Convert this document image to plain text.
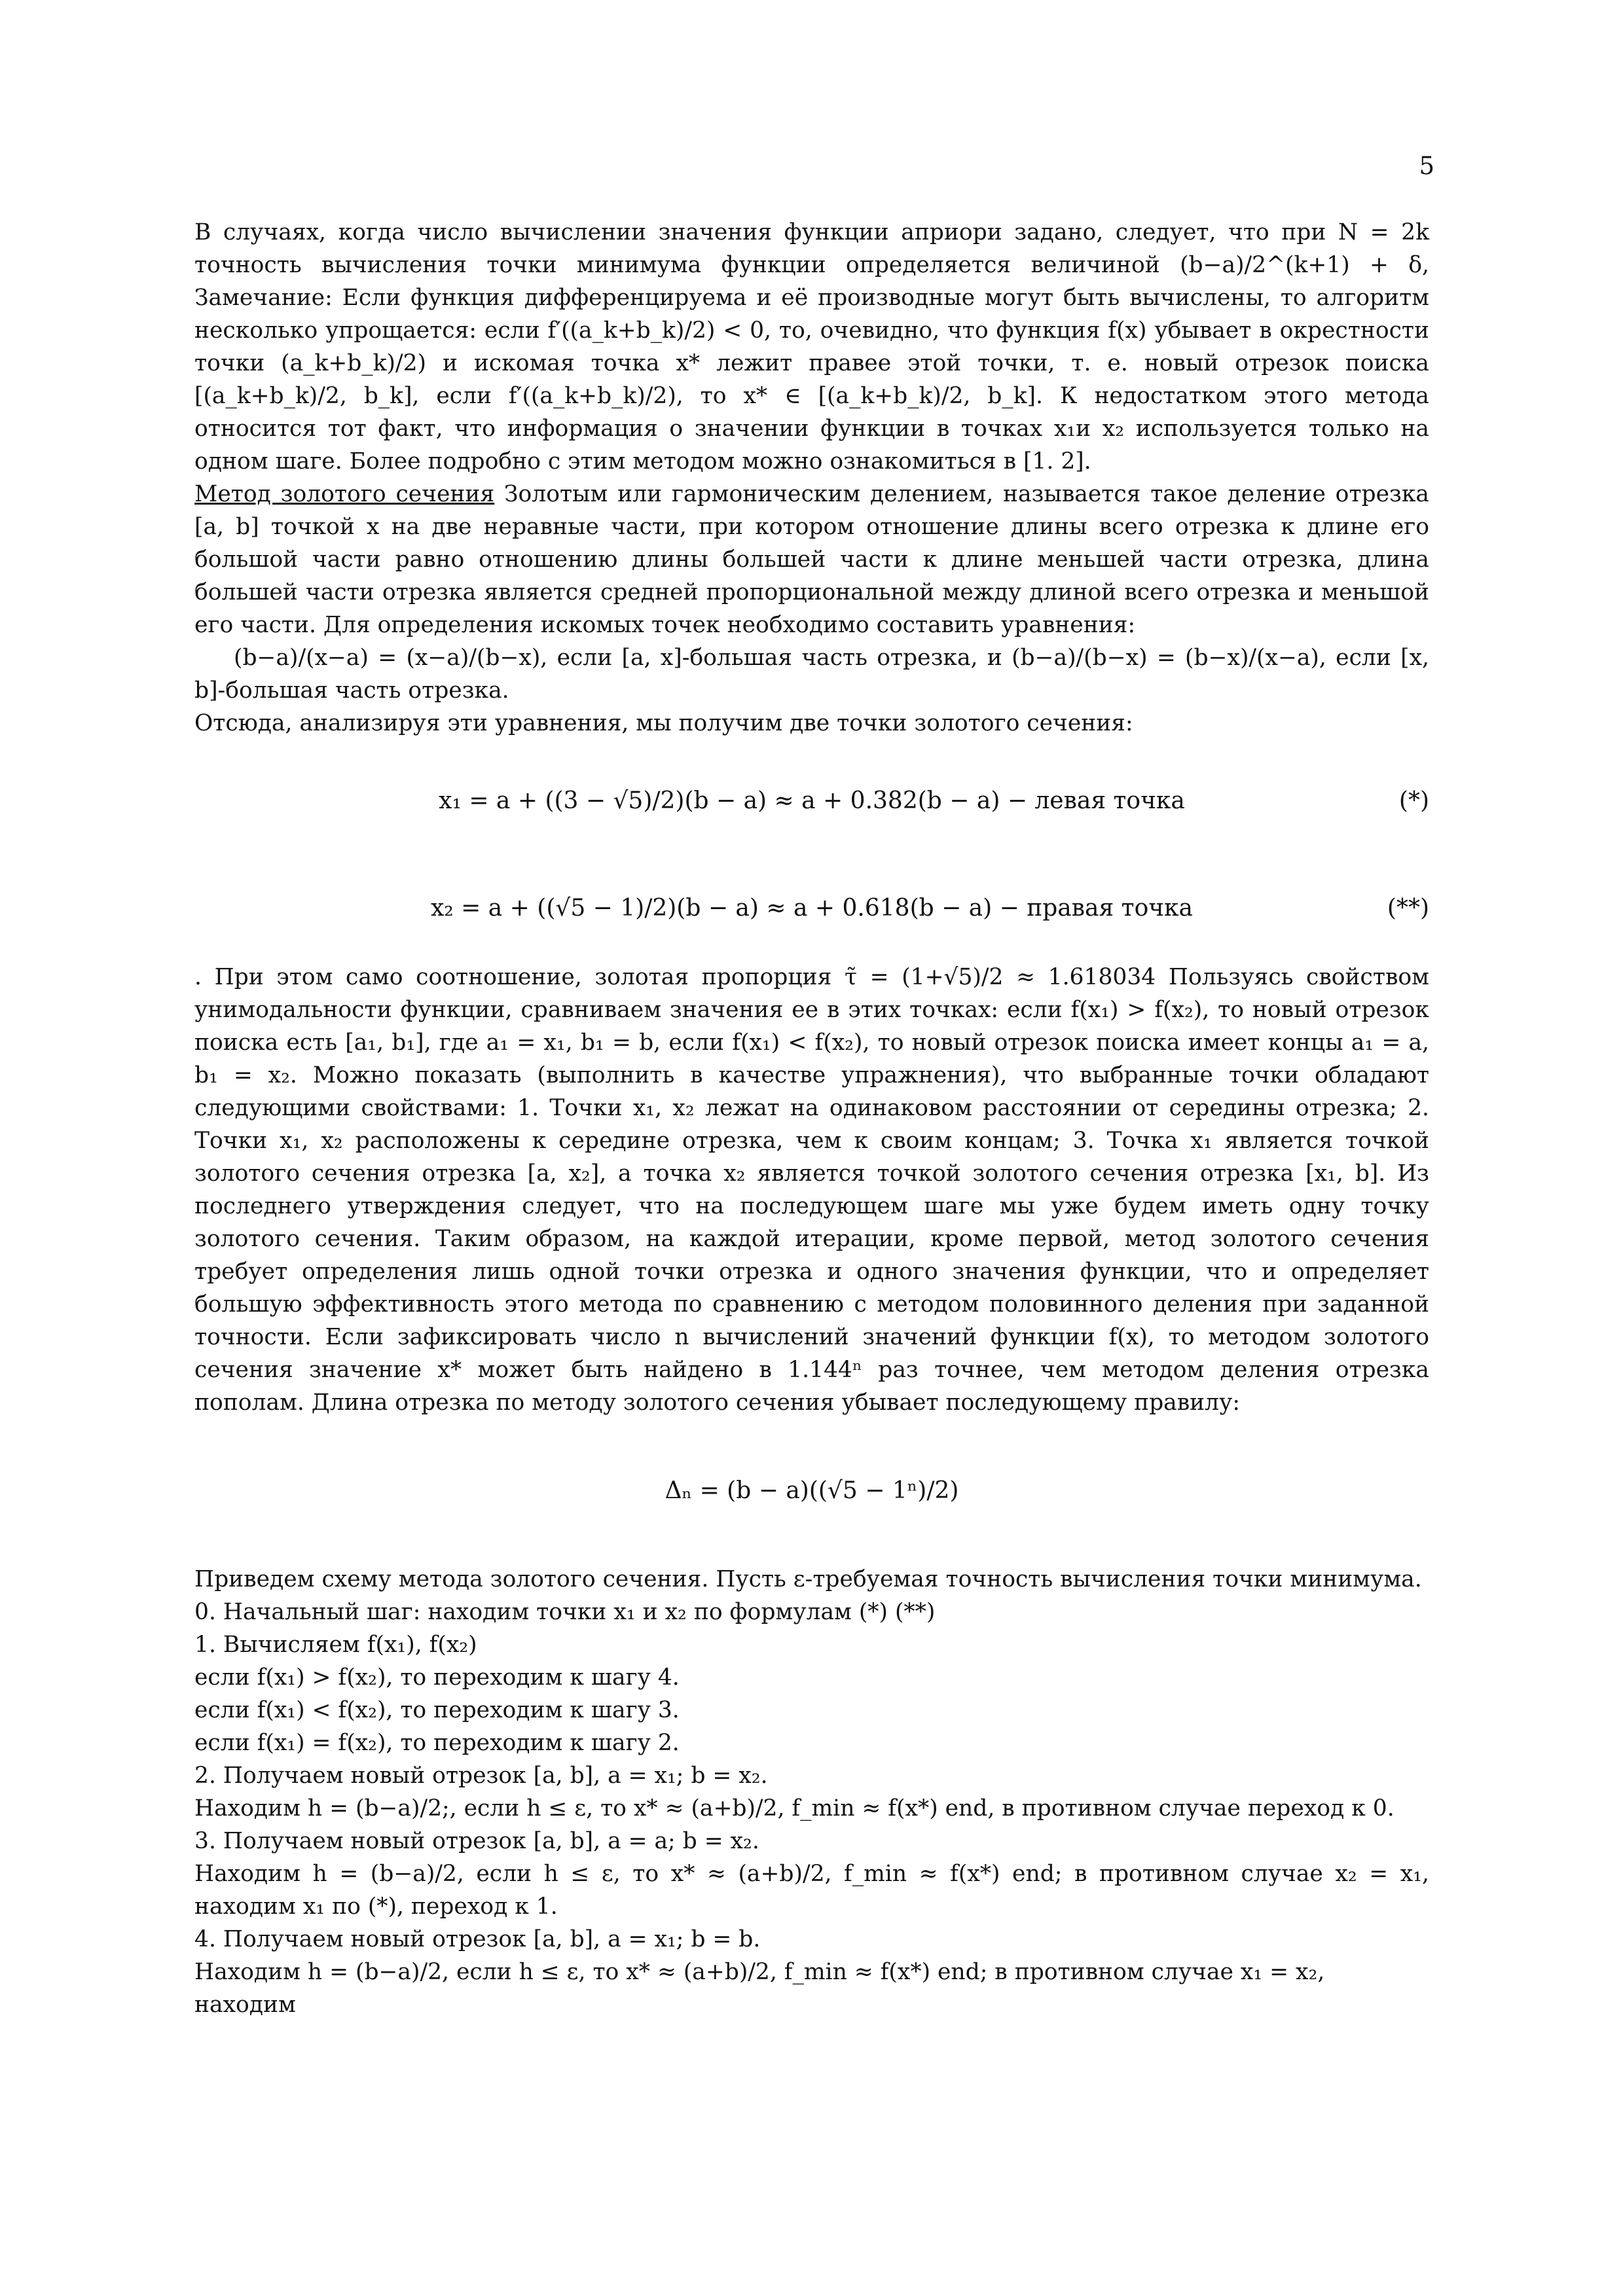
5

В случаях, когда число вычислении значения функции априори задано, следует, что при N = 2k точность вычисления точки минимума функции определяется величиной (b−a)/2^(k+1) + δ, Замечание: Если функция дифференцируема и её производные могут быть вычислены, то алгоритм несколько упрощается: если f′((a_k+b_k)/2) < 0, то, очевидно, что функция f(x) убывает в окрестности точки (a_k+b_k)/2) и искомая точка x* лежит правее этой точки, т. е. новый отрезок поиска [(a_k+b_k)/2, b_k], если f′((a_k+b_k)/2), то x* ∈ [(a_k+b_k)/2, b_k]. К недостатком этого метода относится тот факт, что информация о значении функции в точках x₁и x₂ используется только на одном шаге. Более подробно с этим методом можно ознакомиться в [1. 2].

Метод золотого сечения Золотым или гармоническим делением, называется такое деление отрезка [a, b] точкой x на две неравные части, при котором отношение длины всего отрезка к длине его большой части равно отношению длины большей части к длине меньшей части отрезка, длина большей части отрезка является средней пропорциональной между длиной всего отрезка и меньшой его части. Для определения искомых точек необходимо составить уравнения:

(b−a)/(x−a) = (x−a)/(b−x), если [a, x]-большая часть отрезка, и (b−a)/(b−x) = (b−x)/(x−a), если [x, b]-большая часть отрезка.

Отсюда, анализируя эти уравнения, мы получим две точки золотого сечения:

x₁ = a + ((3 − √5)/2)(b − a) ≈ a + 0.382(b − a) − левая точка	(*)
x₂ = a + ((√5 − 1)/2)(b − a) ≈ a + 0.618(b − a) − правая точка	(**)

. При этом само соотношение, золотая пропорция τ̃ = (1+√5)/2 ≈ 1.618034 Пользуясь свойством унимодальности функции, сравниваем значения ее в этих точках: если f(x₁) > f(x₂), то новый отрезок поиска есть [a₁, b₁], где a₁ = x₁, b₁ = b, если f(x₁) < f(x₂), то новый отрезок поиска имеет концы a₁ = a, b₁ = x₂. Можно показать (выполнить в качестве упражнения), что выбранные точки обладают следующими свойствами: 1. Точки x₁, x₂ лежат на одинаковом расстоянии от середины отрезка; 2. Точки x₁, x₂ расположены к середине отрезка, чем к своим концам; 3. Точка x₁ является точкой золотого сечения отрезка [a, x₂], а точка x₂ является точкой золотого сечения отрезка [x₁, b]. Из последнего утверждения следует, что на последующем шаге мы уже будем иметь одну точку золотого сечения. Таким образом, на каждой итерации, кроме первой, метод золотого сечения требует определения лишь одной точки отрезка и одного значения функции, что и определяет большую эффективность этого метода по сравнению с методом половинного деления при заданной точности. Если зафиксировать число n вычислений значений функции f(x), то методом золотого сечения значение x* может быть найдено в 1.144ⁿ раз точнее, чем методом деления отрезка пополам. Длина отрезка по методу золотого сечения убывает последующему правилу:

Δₙ = (b − a)((√5 − 1ⁿ)/2)

Приведем схему метода золотого сечения. Пусть ε-требуемая точность вычисления точки минимума.

0. Начальный шаг: находим точки x₁ и x₂ по формулам (*) (**)

1. Вычисляем f(x₁), f(x₂)

если f(x₁) > f(x₂), то переходим к шагу 4.

если f(x₁) < f(x₂), то переходим к шагу 3.

если f(x₁) = f(x₂), то переходим к шагу 2.

2. Получаем новый отрезок [a, b], a = x₁; b = x₂.

Находим h = (b−a)/2;, если h ≤ ε, то x* ≈ (a+b)/2, f_min ≈ f(x*) end, в противном случае переход к 0.

3. Получаем новый отрезок [a, b], a = a; b = x₂.

Находим h = (b−a)/2, если h ≤ ε, то x* ≈ (a+b)/2, f_min ≈ f(x*) end; в противном случае x₂ = x₁, находим x₁ по (*), переход к 1.

4. Получаем новый отрезок [a, b], a = x₁; b = b.

Находим h = (b−a)/2, если h ≤ ε, то x* ≈ (a+b)/2, f_min ≈ f(x*) end; в противном случае x₁ = x₂, находим
